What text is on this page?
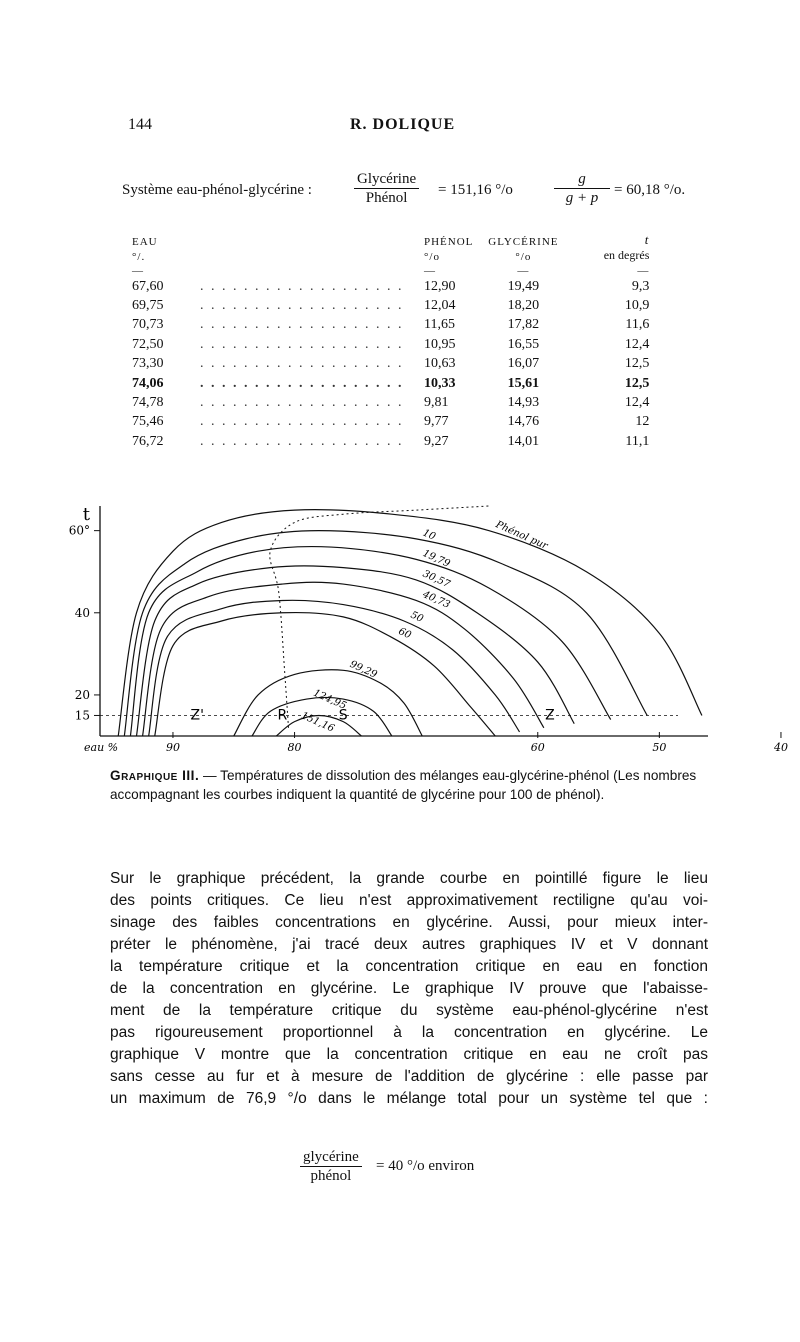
144	R. DOLIQUE
Système eau-phénol-glycérine :
Glycérine
Phénol	= 151,16 °/o	$\frac{g}{g + p} = 60,18$ °/o.
EAU		PHÉNOL	GLYCÉRINE	t
°/.		°/o	°/o	en degrés
—		—	—	—
67,60	. . . . . . . . . . . . . . . . . . .	12,90	19,49	9,3
69,75	. . . . . . . . . . . . . . . . . . .	12,04	18,20	10,9
70,73	. . . . . . . . . . . . . . . . . . .	11,65	17,82	11,6
72,50	. . . . . . . . . . . . . . . . . . .	10,95	16,55	12,4
73,30	. . . . . . . . . . . . . . . . . . .	10,63	16,07	12,5
74,06	. . . . . . . . . . . . . . . . . . .	10,33	15,61	12,5
74,78	. . . . . . . . . . . . . . . . . . .	9,81	14,93	12,4
75,46	. . . . . . . . . . . . . . . . . . .	9,77	14,76	12
76,72	. . . . . . . . . . . . . . . . . . .	9,27	14,01	11,1
60°
40
20
15
90	80	60	50	40
t
eau %
Phénol pur
10
19,79
30,57
40,73
50
60
99,29
124,95
151,16
Z'	R	S	Z
Graphique III. — Températures de dissolution des mélanges eau-glycérine-phénol (Les nombres accompagnant les courbes indiquent la quantité de glycérine pour 100 de phénol).
Sur le graphique précédent, la grande courbe en pointillé figure le lieu
des points critiques. Ce lieu n'est approximativement rectiligne qu'au voi-
sinage des faibles concentrations en glycérine. Aussi, pour mieux inter-
préter le phénomène, j'ai tracé deux autres graphiques IV et V donnant
la température critique et la concentration critique en eau en fonction
de la concentration en glycérine. Le graphique IV prouve que l'abaisse-
ment de la température critique du système eau-phénol-glycérine n'est
pas rigoureusement proportionnel à la concentration en glycérine. Le
graphique V montre que la concentration critique en eau ne croît pas
sans cesse au fur et à mesure de l'addition de glycérine : elle passe par
un maximum de 76,9 °/o dans le mélange total pour un système tel que :
glycérine
phénol
= 40 °/o environ
